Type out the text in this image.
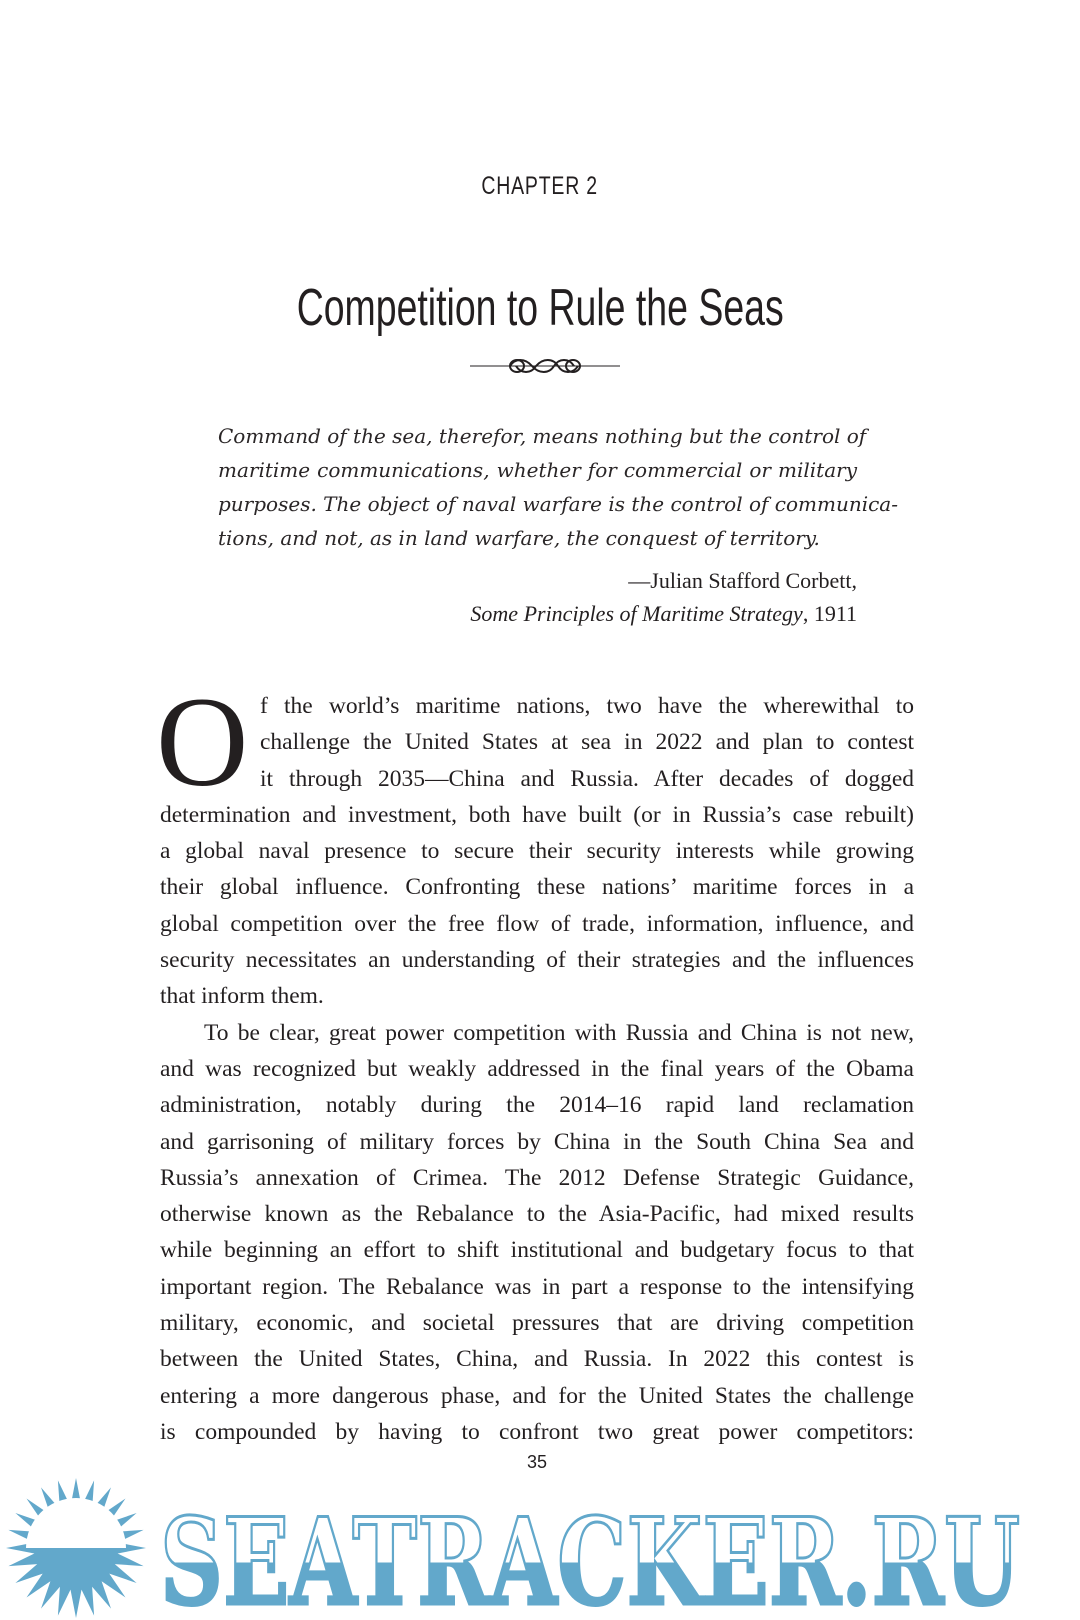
CHAPTER 2
Competition to Rule the Seas
Command of the sea, therefor, means nothing but the control of
maritime communications, whether for commercial or military
purposes. The object of naval warfare is the control of communica-
tions, and not, as in land warfare, the conquest of territory.
—Julian Stafford Corbett,
Some Principles of Maritime Strategy, 1911
O f the world’s maritime nations, two have the wherewithal to
challenge the United States at sea in 2022 and plan to contest
it through 2035—China and Russia. After decades of dogged
determination and investment, both have built (or in Russia’s case rebuilt)
a global naval presence to secure their security interests while growing
their global influence. Confronting these nations’ maritime forces in a
global competition over the free flow of trade, information, influence, and
security necessitates an understanding of their strategies and the influences
that inform them.
To be clear, great power competition with Russia and China is not new,
and was recognized but weakly addressed in the final years of the Obama
administration, notably during the 2014–16 rapid land reclamation
and garrisoning of military forces by China in the South China Sea and
Russia’s annexation of Crimea. The 2012 Defense Strategic Guidance,
otherwise known as the Rebalance to the Asia-Pacific, had mixed results
while beginning an effort to shift institutional and budgetary focus to that
important region. The Rebalance was in part a response to the intensifying
military, economic, and societal pressures that are driving competition
between the United States, China, and Russia. In 2022 this contest is
entering a more dangerous phase, and for the United States the challenge
is compounded by having to confront two great power competitors:
35
SEATRACKER.RU
